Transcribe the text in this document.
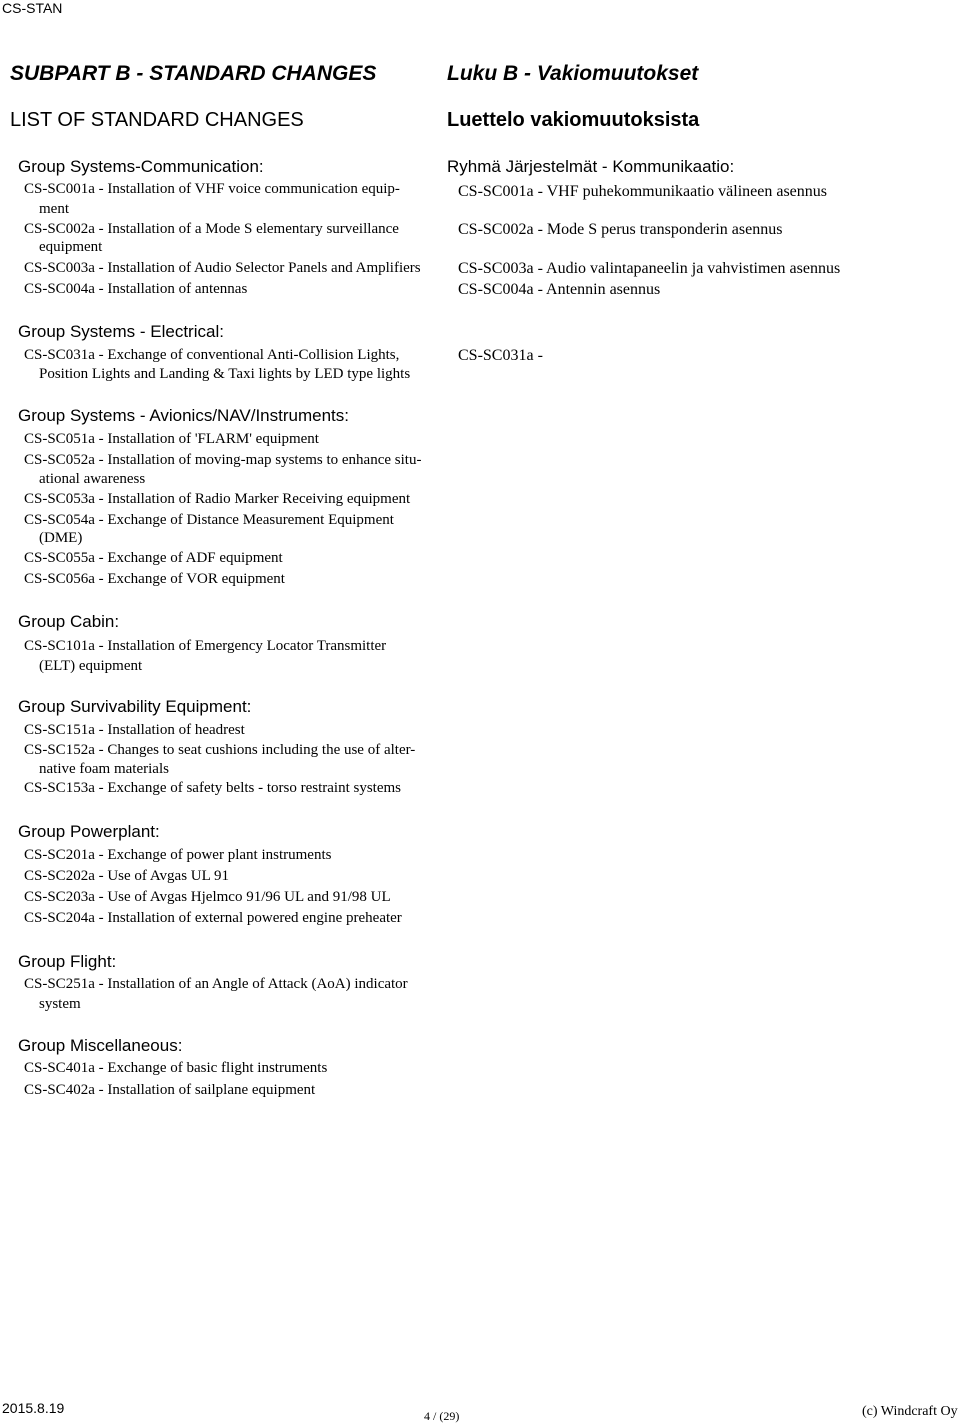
CS-STAN
SUBPART B - STANDARD CHANGES
LIST OF STANDARD CHANGES
Group Systems-Communication:
CS-SC001a - Installation of VHF voice communication equip-
ment
CS-SC002a - Installation of a Mode S elementary surveillance
equipment
CS-SC003a - Installation of Audio Selector Panels and Amplifiers
CS-SC004a - Installation of antennas
Group Systems - Electrical:
CS-SC031a - Exchange of conventional Anti-Collision Lights,
Position Lights and Landing & Taxi lights by LED type lights
Group Systems - Avionics/NAV/Instruments:
CS-SC051a - Installation of 'FLARM' equipment
CS-SC052a - Installation of moving-map systems to enhance situ-
ational awareness
CS-SC053a - Installation of Radio Marker Receiving equipment
CS-SC054a - Exchange of Distance Measurement Equipment
(DME)
CS-SC055a - Exchange of ADF equipment
CS-SC056a - Exchange of VOR equipment
Group Cabin:
CS-SC101a - Installation of Emergency Locator Transmitter
(ELT) equipment
Group Survivability Equipment:
CS-SC151a - Installation of headrest
CS-SC152a - Changes to seat cushions including the use of alter-
native foam materials
CS-SC153a - Exchange of safety belts - torso restraint systems
Group Powerplant:
CS-SC201a - Exchange of power plant instruments
CS-SC202a - Use of Avgas UL 91
CS-SC203a - Use of Avgas Hjelmco 91/96 UL and 91/98 UL
CS-SC204a - Installation of external powered engine preheater
Group Flight:
CS-SC251a - Installation of an Angle of Attack (AoA) indicator
system
Group Miscellaneous:
CS-SC401a - Exchange of basic flight instruments
CS-SC402a - Installation of sailplane equipment
Luku B - Vakiomuutokset
Luettelo vakiomuutoksista
Ryhmä Järjestelmät - Kommunikaatio:
CS-SC001a - VHF puhekommunikaatio välineen asennus
CS-SC002a - Mode S perus transponderin asennus
CS-SC003a - Audio valintapaneelin ja vahvistimen asennus
CS-SC004a - Antennin asennus
CS-SC031a -
2015.8.19	4 / (29)	(c) Windcraft Oy
